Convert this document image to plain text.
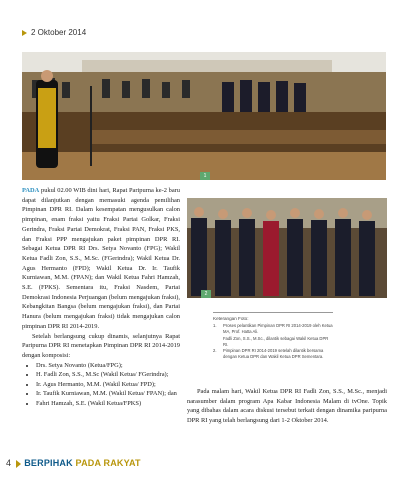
2 Oktober 2014
1
2

PADA pukul 02.00 WIB dini hari, Rapat Paripurna ke-2 baru dapat dilanjutkan dengan memasuki agenda pemilihan Pimpinan DPR RI. Dalam kesempatan mengusulkan calon pimpinan, enam fraksi yaitu Fraksi Partai Golkar, Fraksi Gerindra, Fraksi Partai Demokrat, Fraksi PAN, Fraksi PKS, dan Fraksi PPP mengajukan paket pimpinan DPR RI. Sebagai Ketua DPR RI Drs. Setya Novanto (FPG); Wakil Ketua Fadli Zon, S.S., M.Sc. (FGerindra); Wakil Ketua Dr. Agus Hermanto (FPD); Wakil Ketua Dr. Ir. Taufik Kurniawan, M.M. (FPAN); dan Wakil Ketua Fahri Hamzah, S.E. (FPKS). Sementara itu, Fraksi Nasdem, Partai Demokrasi Indonesia Perjuangan (belum mengajukan fraksi), Kebangkitan Bangsa (belum mengajukan fraksi), dan Partai Hanura (belum mengajukan fraksi) tidak mengajukan calon pimpinan DPR RI 2014-2019.

Setelah berlangsung cukup dinamis, selanjutnya Rapat Paripurna DPR RI menetapkan Pimpinan DPR RI 2014-2019 dengan komposisi:

• Drs. Setya Novanto (Ketua/FPG);
• H. Fadli Zon, S.S., M.Sc (Wakil Ketua/ FGerindra);
• Ir. Agus Hermanto, M.M. (Wakil Ketua/ FPD);
• Ir. Taufik Kurniawan, M.M. (Wakil Ketua/ FPAN); dan
• Fahri Hamzah, S.E. (Wakil Ketua/FPKS)
Keterangan Foto:
1.	Proses pelantikan Pimpinan DPR RI 2014-2019 oleh Ketua MA, Prof. Hatta Ali.
Fadli Zon, S.S., M.Sc., dilantik sebagai Wakil Ketua DPR RI.
2.	Pimpinan DPR RI 2014-2019 setelah dilantik bersama dengan Ketua DPR dan Wakil Ketua DPR Sementara.

Pada malam hari, Wakil Ketua DPR RI Fadli Zon, S.S., M.Sc., menjadi narasumber dalam program Apa Kabar Indonesia Malam di tvOne. Topik yang dibahas dalam acara diskusi tersebut terkait dengan dinamika paripurna DPR RI yang telah berlangsung dari 1-2 Oktober 2014.

4 BERPIHAK PADA RAKYAT
